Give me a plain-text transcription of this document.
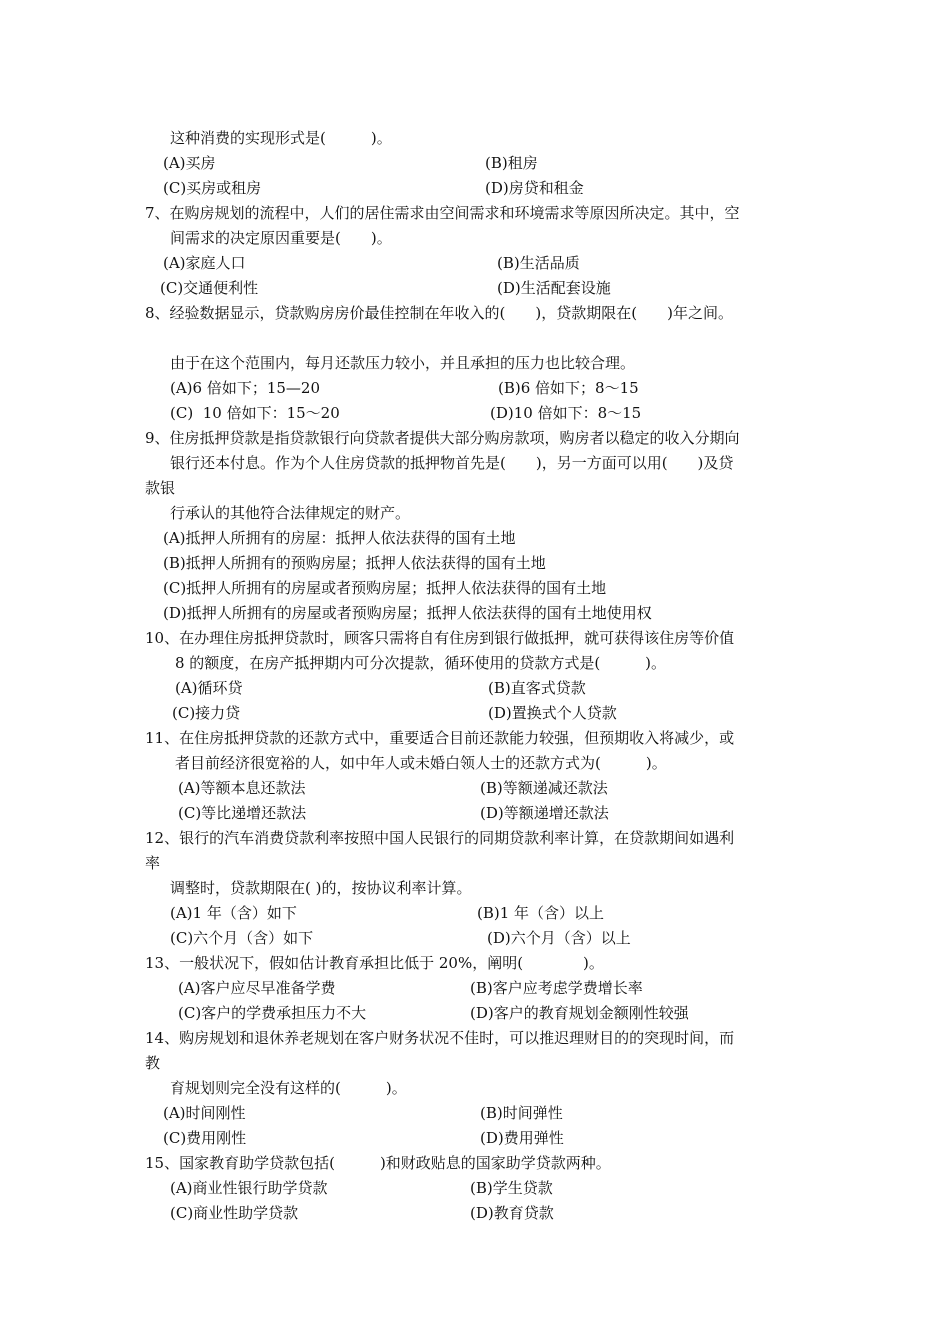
这种消费的实现形式是(　　　)。
(A)买房	(B)租房
(C)买房或租房	(D)房贷和租金
7、在购房规划的流程中，人们的居住需求由空间需求和环境需求等原因所决定。其中，空
间需求的决定原因重要是(　　)。
(A)家庭人口	(B)生活品质
(C)交通便利性	(D)生活配套设施
8、经验数据显示，贷款购房房价最佳控制在年收入的(　　)，贷款期限在(　　)年之间。
由于在这个范围内，每月还款压力较小，并且承担的压力也比较合理。
(A)6 倍如下；15—20	(B)6 倍如下；8～15
(C)  10 倍如下：15～20	(D)10 倍如下：8～15
9、住房抵押贷款是指贷款银行向贷款者提供大部分购房款项，购房者以稳定的收入分期向
银行还本付息。作为个人住房贷款的抵押物首先是(　　)，另一方面可以用(　　)及贷
款银
行承认的其他符合法律规定的财产。
(A)抵押人所拥有的房屋：抵押人依法获得的国有土地
(B)抵押人所拥有的预购房屋；抵押人依法获得的国有土地
(C)抵押人所拥有的房屋或者预购房屋；抵押人依法获得的国有土地
(D)抵押人所拥有的房屋或者预购房屋；抵押人依法获得的国有土地使用权
10、在办理住房抵押贷款时，顾客只需将自有住房到银行做抵押，就可获得该住房等价值
8 的额度，在房产抵押期内可分次提款，循环使用的贷款方式是(　　　)。
(A)循环贷	(B)直客式贷款
(C)接力贷	(D)置换式个人贷款
11、在住房抵押贷款的还款方式中，重要适合目前还款能力较强，但预期收入将减少，或
者目前经济很宽裕的人，如中年人或未婚白领人士的还款方式为(　　　)。
(A)等额本息还款法	(B)等额递减还款法
(C)等比递增还款法	(D)等额递增还款法
12、银行的汽车消费贷款利率按照中国人民银行的同期贷款利率计算，在贷款期间如遇利
率
调整时，贷款期限在( )的，按协议利率计算。
(A)1 年（含）如下	(B)1 年（含）以上
(C)六个月（含）如下	(D)六个月（含）以上
13、一般状况下，假如估计教育承担比低于 20%，阐明(　　　　)。
(A)客户应尽早准备学费	(B)客户应考虑学费增长率
(C)客户的学费承担压力不大	(D)客户的教育规划金额刚性较强
14、购房规划和退休养老规划在客户财务状况不佳时，可以推迟理财目的的突现时间，而
教
育规划则完全没有这样的(　　　)。
(A)时间刚性	(B)时间弹性
(C)费用刚性	(D)费用弹性
15、国家教育助学贷款包括(　　　)和财政贴息的国家助学贷款两种。
(A)商业性银行助学贷款	(B)学生贷款
(C)商业性助学贷款	(D)教育贷款
